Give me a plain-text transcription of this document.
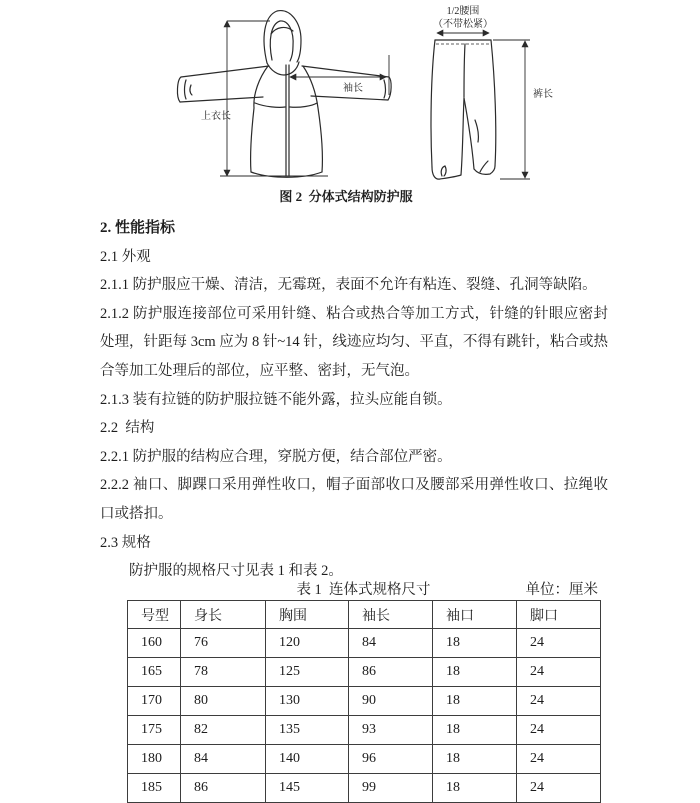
上衣长
袖长
1/2腰围
（不带松紧）
裤长
图 2  分体式结构防护服

2. 性能指标

2.1 外观

2.1.1 防护服应干燥、清洁，无霉斑，表面不允许有粘连、裂缝、孔洞等缺陷。

2.1.2 防护服连接部位可采用针缝、粘合或热合等加工方式，针缝的针眼应密封处理，针距每 3cm 应为 8 针~14 针，线迹应均匀、平直，不得有跳针，粘合或热合等加工处理后的部位，应平整、密封，无气泡。

2.1.3 装有拉链的防护服拉链不能外露，拉头应能自锁。

2.2  结构

2.2.1 防护服的结构应合理，穿脱方便，结合部位严密。

2.2.2 袖口、脚踝口采用弹性收口，帽子面部收口及腰部采用弹性收口、拉绳收口或搭扣。

2.3 规格

防护服的规格尺寸见表 1 和表 2。

表 1  连体式规格尺寸	单位：厘米
号型	身长	胸围	袖长	袖口	脚口
160	76	120	84	18	24
165	78	125	86	18	24
170	80	130	90	18	24
175	82	135	93	18	24
180	84	140	96	18	24
185	86	145	99	18	24
